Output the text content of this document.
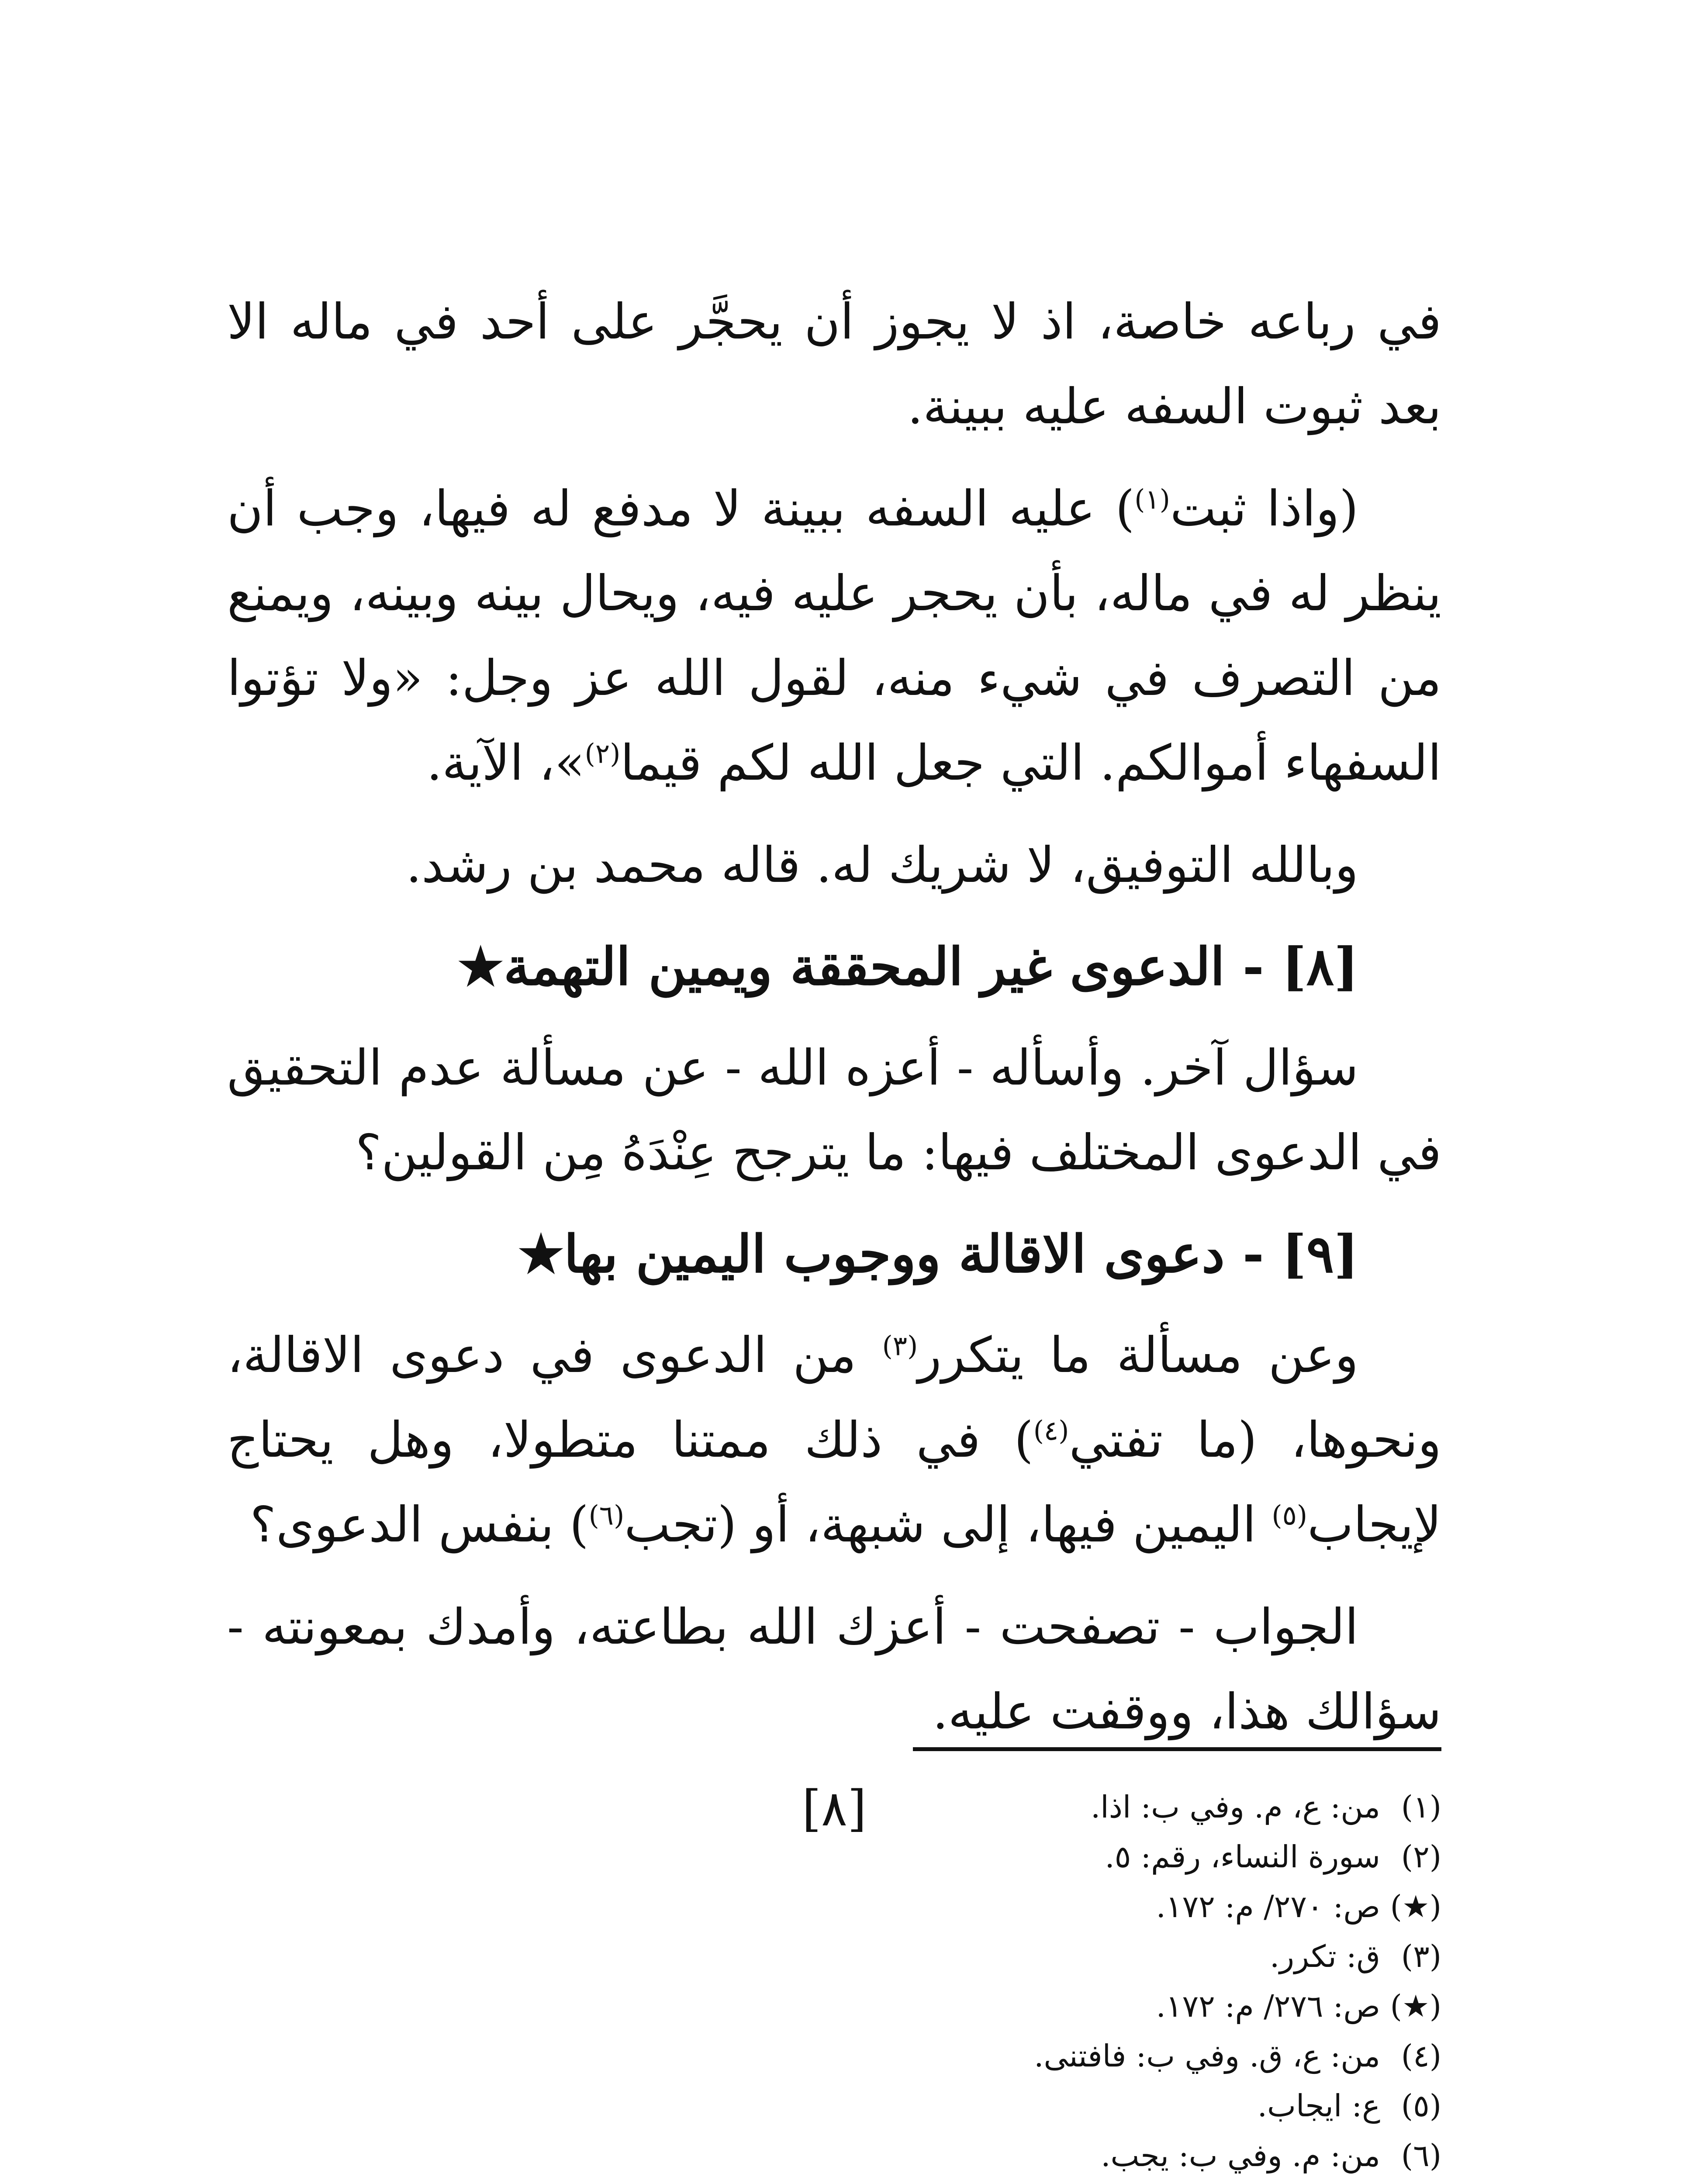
في رباعه خاصة، اذ لا يجوز أن يحجَّر على أحد في ماله الا بعد ثبوت السفه عليه ببينة.

(واذا ثبت$^{(١)}$) عليه السفه ببينة لا مدفع له فيها، وجب أن ينظر له في ماله، بأن يحجر عليه فيه، ويحال بينه وبينه، ويمنع من التصرف في شيء منه، لقول الله عز وجل: «ولا تؤتوا السفهاء أموالكم. التي جعل الله لكم قيما$^{(٢)}$»، الآية.

وبالله التوفيق، لا شريك له. قاله محمد بن رشد.

[٨] - الدعوى غير المحققة ويمين التهمة★

سؤال آخر. وأسأله - أعزه الله - عن مسألة عدم التحقيق في الدعوى المختلف فيها: ما يترجح عِنْدَهُ مِن القولين؟

[٩] - دعوى الاقالة ووجوب اليمين بها★

وعن مسألة ما يتكرر$^{(٣)}$ من الدعوى في دعوى الاقالة، ونحوها، (ما تفتي$^{(٤)}$) في ذلك ممتنا متطولا، وهل يحتاج لإيجاب$^{(٥)}$ اليمين فيها، إلى شبهة، أو (تجب$^{(٦)}$) بنفس الدعوى؟

الجواب - تصفحت - أعزك الله بطاعته، وأمدك بمعونته - سؤالك هذا، ووقفت عليه.

[٨]	(١)من: ع، م. وفي ب: اذا.
(٢)سورة النساء، رقم: ٥.
(★)ص: ٢٧٠/ م: ١٧٢.
(٣)ق: تكرر.
(★)ص: ٢٧٦/ م: ١٧٢.
(٤)من: ع، ق. وفي ب: فافتنى.
(٥)ع: ايجاب.
(٦)من: م. وفي ب: يجب.
